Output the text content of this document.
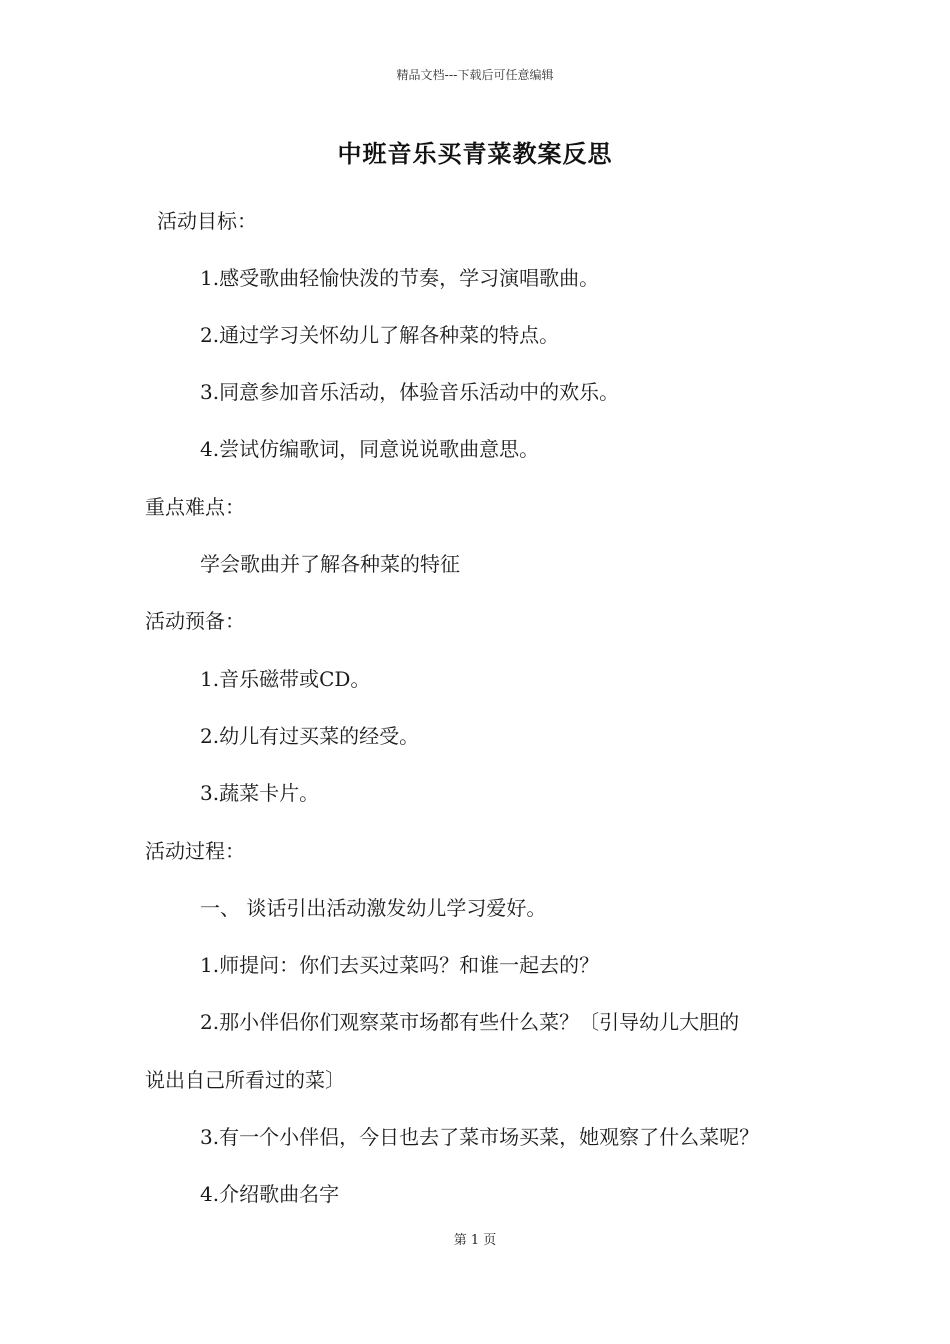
精品文档---下载后可任意编辑
中班音乐买青菜教案反思
活动目标：
1.感受歌曲轻愉快泼的节奏，学习演唱歌曲。
2.通过学习关怀幼儿了解各种菜的特点。
3.同意参加音乐活动，体验音乐活动中的欢乐。
4.尝试仿编歌词，同意说说歌曲意思。
重点难点：
学会歌曲并了解各种菜的特征
活动预备：
1.音乐磁带或CD。
2.幼儿有过买菜的经受。
3.蔬菜卡片。
活动过程：
一、 谈话引出活动激发幼儿学习爱好。
1.师提问：你们去买过菜吗？和谁一起去的？
2.那小伴侣你们观察菜市场都有些什么菜？〔引导幼儿大胆的
说出自己所看过的菜〕
3.有一个小伴侣，今日也去了菜市场买菜，她观察了什么菜呢？
4.介绍歌曲名字
第 1 页
